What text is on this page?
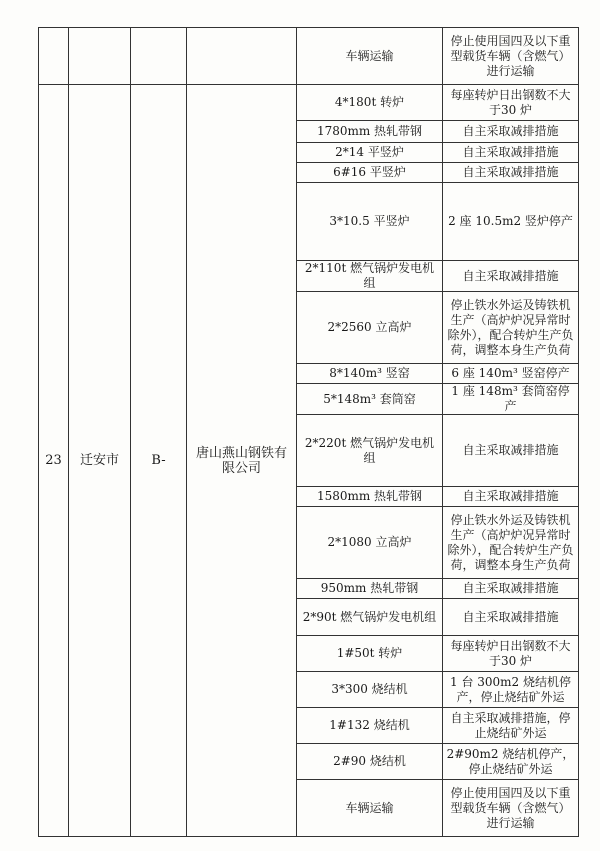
				车辆运输	停止使用国四及以下重型载货车辆（含燃气）进行运输
23	迁安市	B-	唐山燕山钢铁有限公司	4*180t 转炉	每座转炉日出钢数不大于30 炉
				1780mm 热轧带钢	自主采取减排措施
				2*14 平竖炉	自主采取减排措施
				6#16 平竖炉	自主采取减排措施
				3*10.5 平竖炉	2 座 10.5m2 竖炉停产
				2*110t 燃气锅炉发电机组	自主采取减排措施
				2*2560 立高炉	停止铁水外运及铸铁机生产（高炉炉况异常时除外），配合转炉生产负荷，调整本身生产负荷
				8*140m³ 竖窑	6 座 140m³ 竖窑停产
				5*148m³ 套筒窑	1 座 148m³ 套筒窑停产
				2*220t 燃气锅炉发电机组	自主采取减排措施
				1580mm 热轧带钢	自主采取减排措施
				2*1080 立高炉	停止铁水外运及铸铁机生产（高炉炉况异常时除外），配合转炉生产负荷，调整本身生产负荷
				950mm 热轧带钢	自主采取减排措施
				2*90t 燃气锅炉发电机组	自主采取减排措施
				1#50t 转炉	每座转炉日出钢数不大于30 炉
				3*300 烧结机	1 台 300m2 烧结机停产，停止烧结矿外运
				1#132 烧结机	自主采取减排措施，停止烧结矿外运
				2#90 烧结机	2#90m2 烧结机停产，停止烧结矿外运
				车辆运输	停止使用国四及以下重型载货车辆（含燃气）进行运输
